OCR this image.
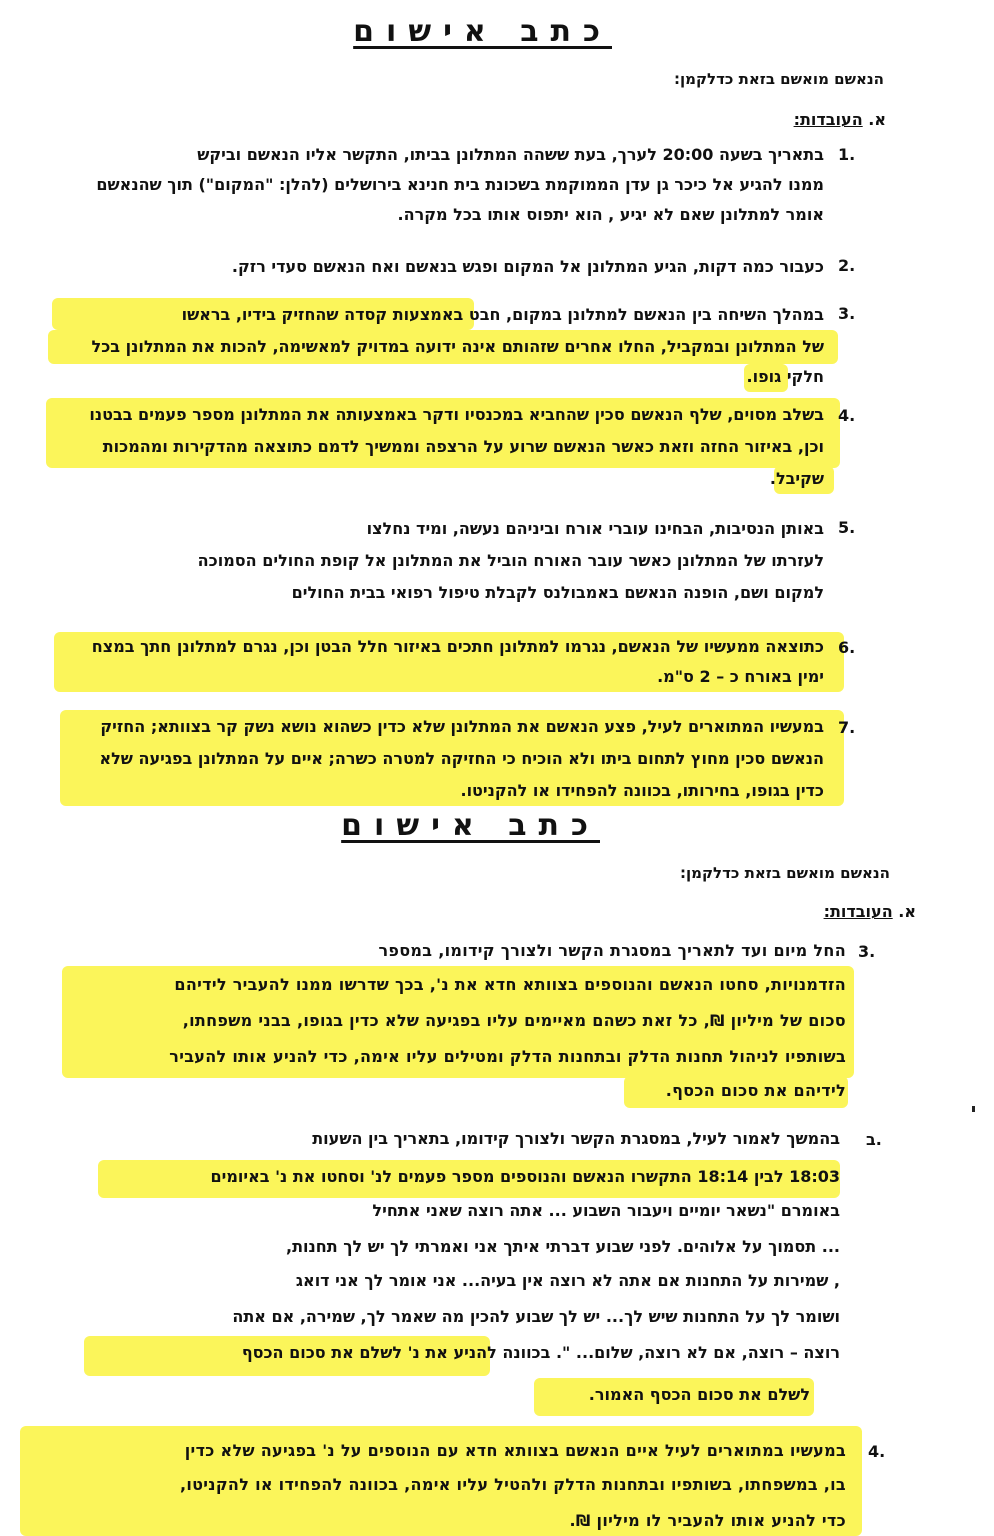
כתב אישום
הנאשם מואשם בזאת כדלקמן:
א. העובדות:
1.
בתאריך בשעה 20:00 לערך, בעת ששהה המתלונן בביתו, התקשר אליו הנאשם וביקש
ממנו להגיע אל כיכר גן עדן הממוקמת בשכונת בית חנינא בירושלים (להלן: "המקום") תוך שהנאשם
אומר למתלונן שאם לא יגיע , הוא יתפוס אותו בכל מקרה.
2.
כעבור כמה דקות, הגיע המתלונן אל המקום ופגש בנאשם ואח הנאשם סעדי רזק.
3.
במהלך השיחה בין הנאשם למתלונן במקום, חבט באמצעות קסדה שהחזיק בידיו, בראשו
של המתלונן ובמקביל, החלו אחרים שזהותם אינה ידועה במדויק למאשימה, להכות את המתלונן בכל
חלקי גופו.
4.
בשלב מסוים, שלף הנאשם סכין שהחביא במכנסיו ודקר באמצעותה את המתלונן מספר פעמים בבטנו
וכן, באיזור החזה וזאת כאשר הנאשם שרוע על הרצפה וממשיך לדמם כתוצאה מהדקירות ומהמכות
שקיבל.
5.
באותן הנסיבות, הבחינו עוברי אורח וביניהם נעשה, ומיד נחלצו
לעזרתו של המתלונן כאשר עובר האורח הוביל את המתלונן אל קופת החולים הסמוכה
למקום ושם, הופנה הנאשם באמבולנס לקבלת טיפול רפואי בבית החולים
6.
כתוצאה ממעשיו של הנאשם, נגרמו למתלונן חתכים באיזור חלל הבטן וכן, נגרם למתלונן חתך במצח
ימין באורח כ – 2 ס"מ.
7.
במעשיו המתוארים לעיל, פצע הנאשם את המתלונן שלא כדין כשהוא נושא נשק קר בצוותא; החזיק
הנאשם סכין מחוץ לתחום ביתו ולא הוכיח כי החזיקה למטרה כשרה; איים על המתלונן בפגיעה שלא
כדין בגופו, בחירותו, בכוונה להפחידו או להקניטו.
כתב אישום
הנאשם מואשם בזאת כדלקמן:
א. העובדות:
3.
החל מיום ועד לתאריך במסגרת הקשר ולצורך קידומו, במספר
הזדמנויות, סחטו הנאשם והנוספים בצוותא חדא את נ', בכך שדרשו ממנו להעביר לידיהם
סכום של מיליון ₪, כל זאת כשהם מאיימים עליו בפגיעה שלא כדין בגופו, בבני משפחתו,
בשותפיו לניהול תחנות הדלק ובתחנות הדלק ומטילים עליו אימה, כדי להניע אותו להעביר
לידיהם את סכום הכסף.
ב.
בהמשך לאמור לעיל, במסגרת הקשר ולצורך קידומו, בתאריך בין השעות
18:03 לבין 18:14 התקשרו הנאשם והנוספים מספר פעמים לנ' וסחטו את נ' באיומים
באומרם "נשאר יומיים ויעבור השבוע ... אתה רוצה שאני אתחיל
... תסמוך על אלוהים. לפני שבוע דברתי איתך אני ואמרתי לך יש לך תחנות,
, שמירות על התחנות אם אתה לא רוצה אין בעיה... אני אומר לך אני דואג
ושומר לך על התחנות שיש לך... יש לך שבוע להכין מה שאמר לך, שמירה, אם אתה
רוצה – רוצה, אם לא רוצה, שלום... ". בכוונה להניע את נ' לשלם את סכום הכסף
לשלם את סכום הכסף האמור.
4.
במעשיו במתוארים לעיל איים הנאשם בצוותא חדא עם הנוספים על נ' בפגיעה שלא כדין
בו, במשפחתו, בשותפיו ובתחנות הדלק ולהטיל עליו אימה, בכוונה להפחידו או להקניטו,
כדי להניע אותו להעביר לו מיליון ₪.
